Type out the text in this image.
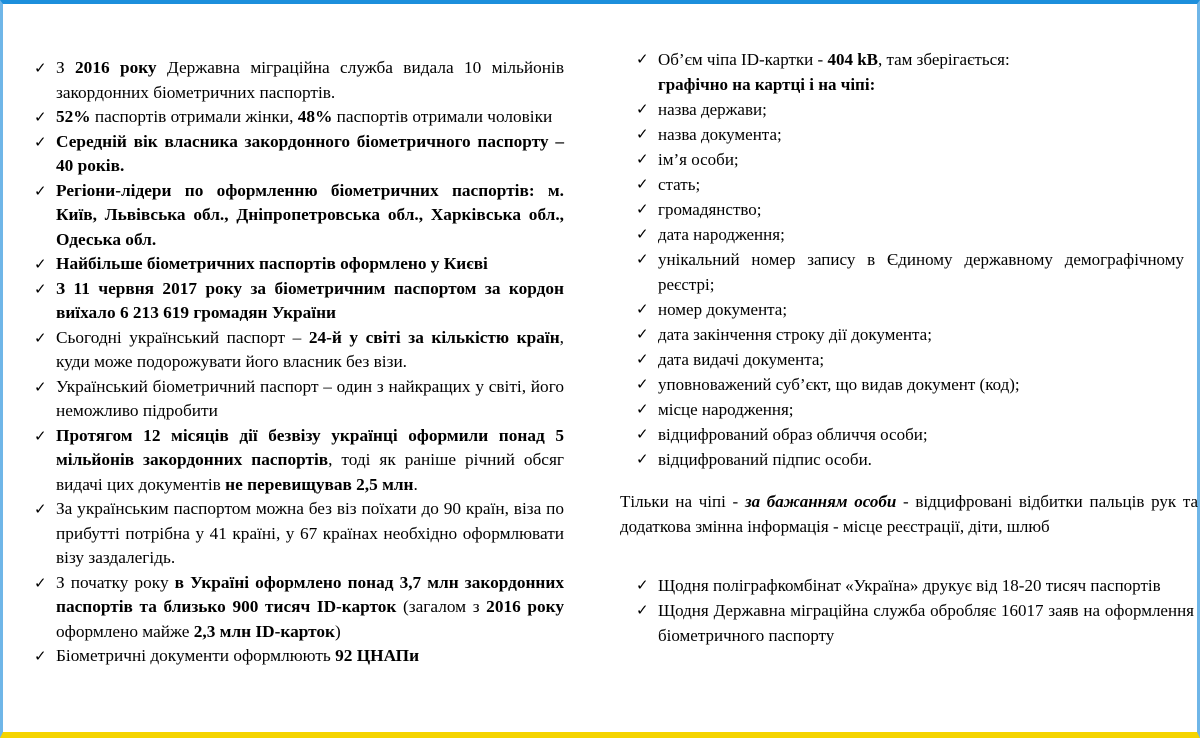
✓ З 2016 року Державна міграційна служба видала 10 мільйонів закордонних біометричних паспортів.
✓ 52% паспортів отримали жінки, 48% паспортів отримали чоловіки
✓ Середній вік власника закордонного біометричного паспорту – 40 років.
✓ Регіони-лідери по оформленню біометричних паспортів: м. Київ, Львівська обл., Дніпропетровська обл., Харківська обл., Одеська обл.
✓ Найбільше біометричних паспортів оформлено у Києві
✓ З 11 червня 2017 року за біометричним паспортом за кордон виїхало 6 213 619 громадян України
✓ Сьогодні український паспорт – 24-й у світі за кількістю країн, куди може подорожувати його власник без візи.
✓ Український біометричний паспорт – один з найкращих у світі, його неможливо підробити
✓ Протягом 12 місяців дії безвізу українці оформили понад 5 мільйонів закордонних паспортів, тоді як раніше річний обсяг видачі цих документів не перевищував 2,5 млн.
✓ За українським паспортом можна без віз поїхати до 90 країн, віза по прибутті потрібна у 41 країні, у 67 країнах необхідно оформлювати візу заздалегідь.
✓ З початку року в Україні оформлено понад 3,7 млн закордонних паспортів та близько 900 тисяч ID-карток (загалом з 2016 року оформлено майже 2,3 млн ID-карток)
✓ Біометричні документи оформлюють 92 ЦНАПи
✓ Об’єм чіпа ID-картки - 404 kB, там зберігається:
графічно на картці і на чіпі:
✓ назва держави;
✓ назва документа;
✓ ім’я особи;
✓ стать;
✓ громадянство;
✓ дата народження;
✓ унікальний номер запису в Єдиному державному демографічному реєстрі;
✓ номер документа;
✓ дата закінчення строку дії документа;
✓ дата видачі документа;
✓ уповноважений суб’єкт, що видав документ (код);
✓ місце народження;
✓ відцифрований образ обличчя особи;
✓ відцифрований підпис особи.
Тільки на чіпі - за бажанням особи - відцифровані відбитки пальців рук та додаткова змінна інформація - місце реєстрації, діти, шлюб
✓ Щодня поліграфкомбінат «Україна» друкує від 18-20 тисяч паспортів
✓ Щодня Державна міграційна служба обробляє 16017 заяв на оформлення біометричного паспорту
